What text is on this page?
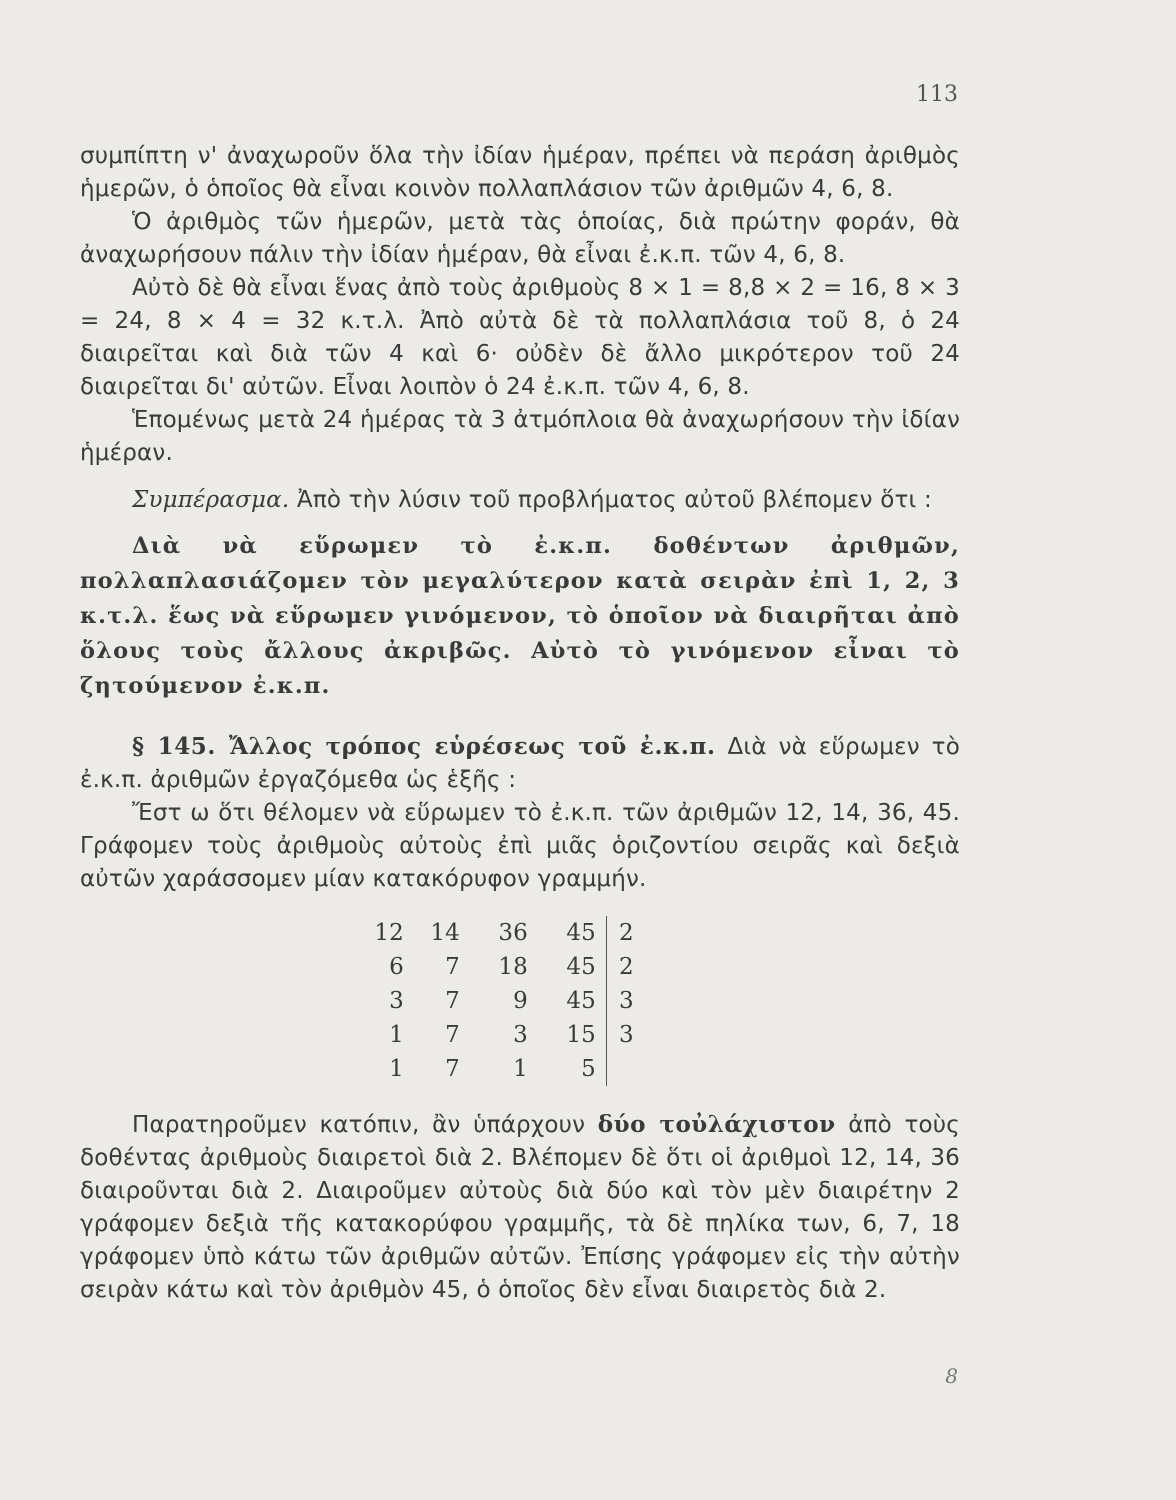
113

συμπίπτη ν' ἀναχωροῦν ὅλα τὴν ἰδίαν ἡμέραν, πρέπει νὰ περάση ἀριθμὸς ἡμερῶν, ὁ ὁποῖος θὰ εἶναι κοινὸν πολλαπλάσιον τῶν ἀριθμῶν 4, 6, 8.

Ὁ ἀριθμὸς τῶν ἡμερῶν, μετὰ τὰς ὁποίας, διὰ πρώτην φοράν, θὰ ἀναχωρήσουν πάλιν τὴν ἰδίαν ἡμέραν, θὰ εἶναι ἐ.κ.π. τῶν 4, 6, 8.

Αὐτὸ δὲ θὰ εἶναι ἕνας ἀπὸ τοὺς ἀριθμοὺς 8 × 1 = 8,8 × 2 = 16, 8 × 3 = 24, 8 × 4 = 32 κ.τ.λ. Ἀπὸ αὐτὰ δὲ τὰ πολλαπλάσια τοῦ 8, ὁ 24 διαιρεῖται καὶ διὰ τῶν 4 καὶ 6· οὐδὲν δὲ ἄλλο μικρότερον τοῦ 24 διαιρεῖται δι' αὐτῶν. Εἶναι λοιπὸν ὁ 24 ἐ.κ.π. τῶν 4, 6, 8.

Ἑπομένως μετὰ 24 ἡμέρας τὰ 3 ἀτμόπλοια θὰ ἀναχωρήσουν τὴν ἰδίαν ἡμέραν.

Συμπέρασμα. Ἀπὸ τὴν λύσιν τοῦ προβλήματος αὐτοῦ βλέπομεν ὅτι :

Διὰ νὰ εὕρωμεν τὸ ἐ.κ.π. δοθέντων ἀριθμῶν, πολλαπλασιάζομεν τὸν μεγαλύτερον κατὰ σειρὰν ἐπὶ 1, 2, 3 κ.τ.λ. ἕως νὰ εὕρωμεν γινόμενον, τὸ ὁποῖον νὰ διαιρῆται ἀπὸ ὅλους τοὺς ἄλλους ἀκριβῶς. Αὐτὸ τὸ γινόμενον εἶναι τὸ ζητούμενον ἐ.κ.π.

§ 145. Ἄλλος τρόπος εὑρέσεως τοῦ ἐ.κ.π. Διὰ νὰ εὕρωμεν τὸ ἐ.κ.π. ἀριθμῶν ἐργαζόμεθα ὡς ἑξῆς :

Ἔστ ω ὅτι θέλομεν νὰ εὕρωμεν τὸ ἐ.κ.π. τῶν ἀριθμῶν 12, 14, 36, 45. Γράφομεν τοὺς ἀριθμοὺς αὐτοὺς ἐπὶ μιᾶς ὁριζοντίου σειρᾶς καὶ δεξιὰ αὐτῶν χαράσσομεν μίαν κατακόρυφον γραμμήν.

12	14	36	45	2
6	7	18	45	2
3	7	9	45	3
1	7	3	15	3
1	7	1	5	

Παρατηροῦμεν κατόπιν, ἂν ὑπάρχουν δύο τοὐλάχιστον ἀπὸ τοὺς δοθέντας ἀριθμοὺς διαιρετοὶ διὰ 2. Βλέπομεν δὲ ὅτι οἱ ἀριθμοὶ 12, 14, 36 διαιροῦνται διὰ 2. Διαιροῦμεν αὐτοὺς διὰ δύο καὶ τὸν μὲν διαιρέτην 2 γράφομεν δεξιὰ τῆς κατακορύφου γραμμῆς, τὰ δὲ πηλίκα των, 6, 7, 18 γράφομεν ὑπὸ κάτω τῶν ἀριθμῶν αὐτῶν. Ἐπίσης γράφομεν εἰς τὴν αὐτὴν σειρὰν κάτω καὶ τὸν ἀριθμὸν 45, ὁ ὁποῖος δὲν εἶναι διαιρετὸς διὰ 2.

8
